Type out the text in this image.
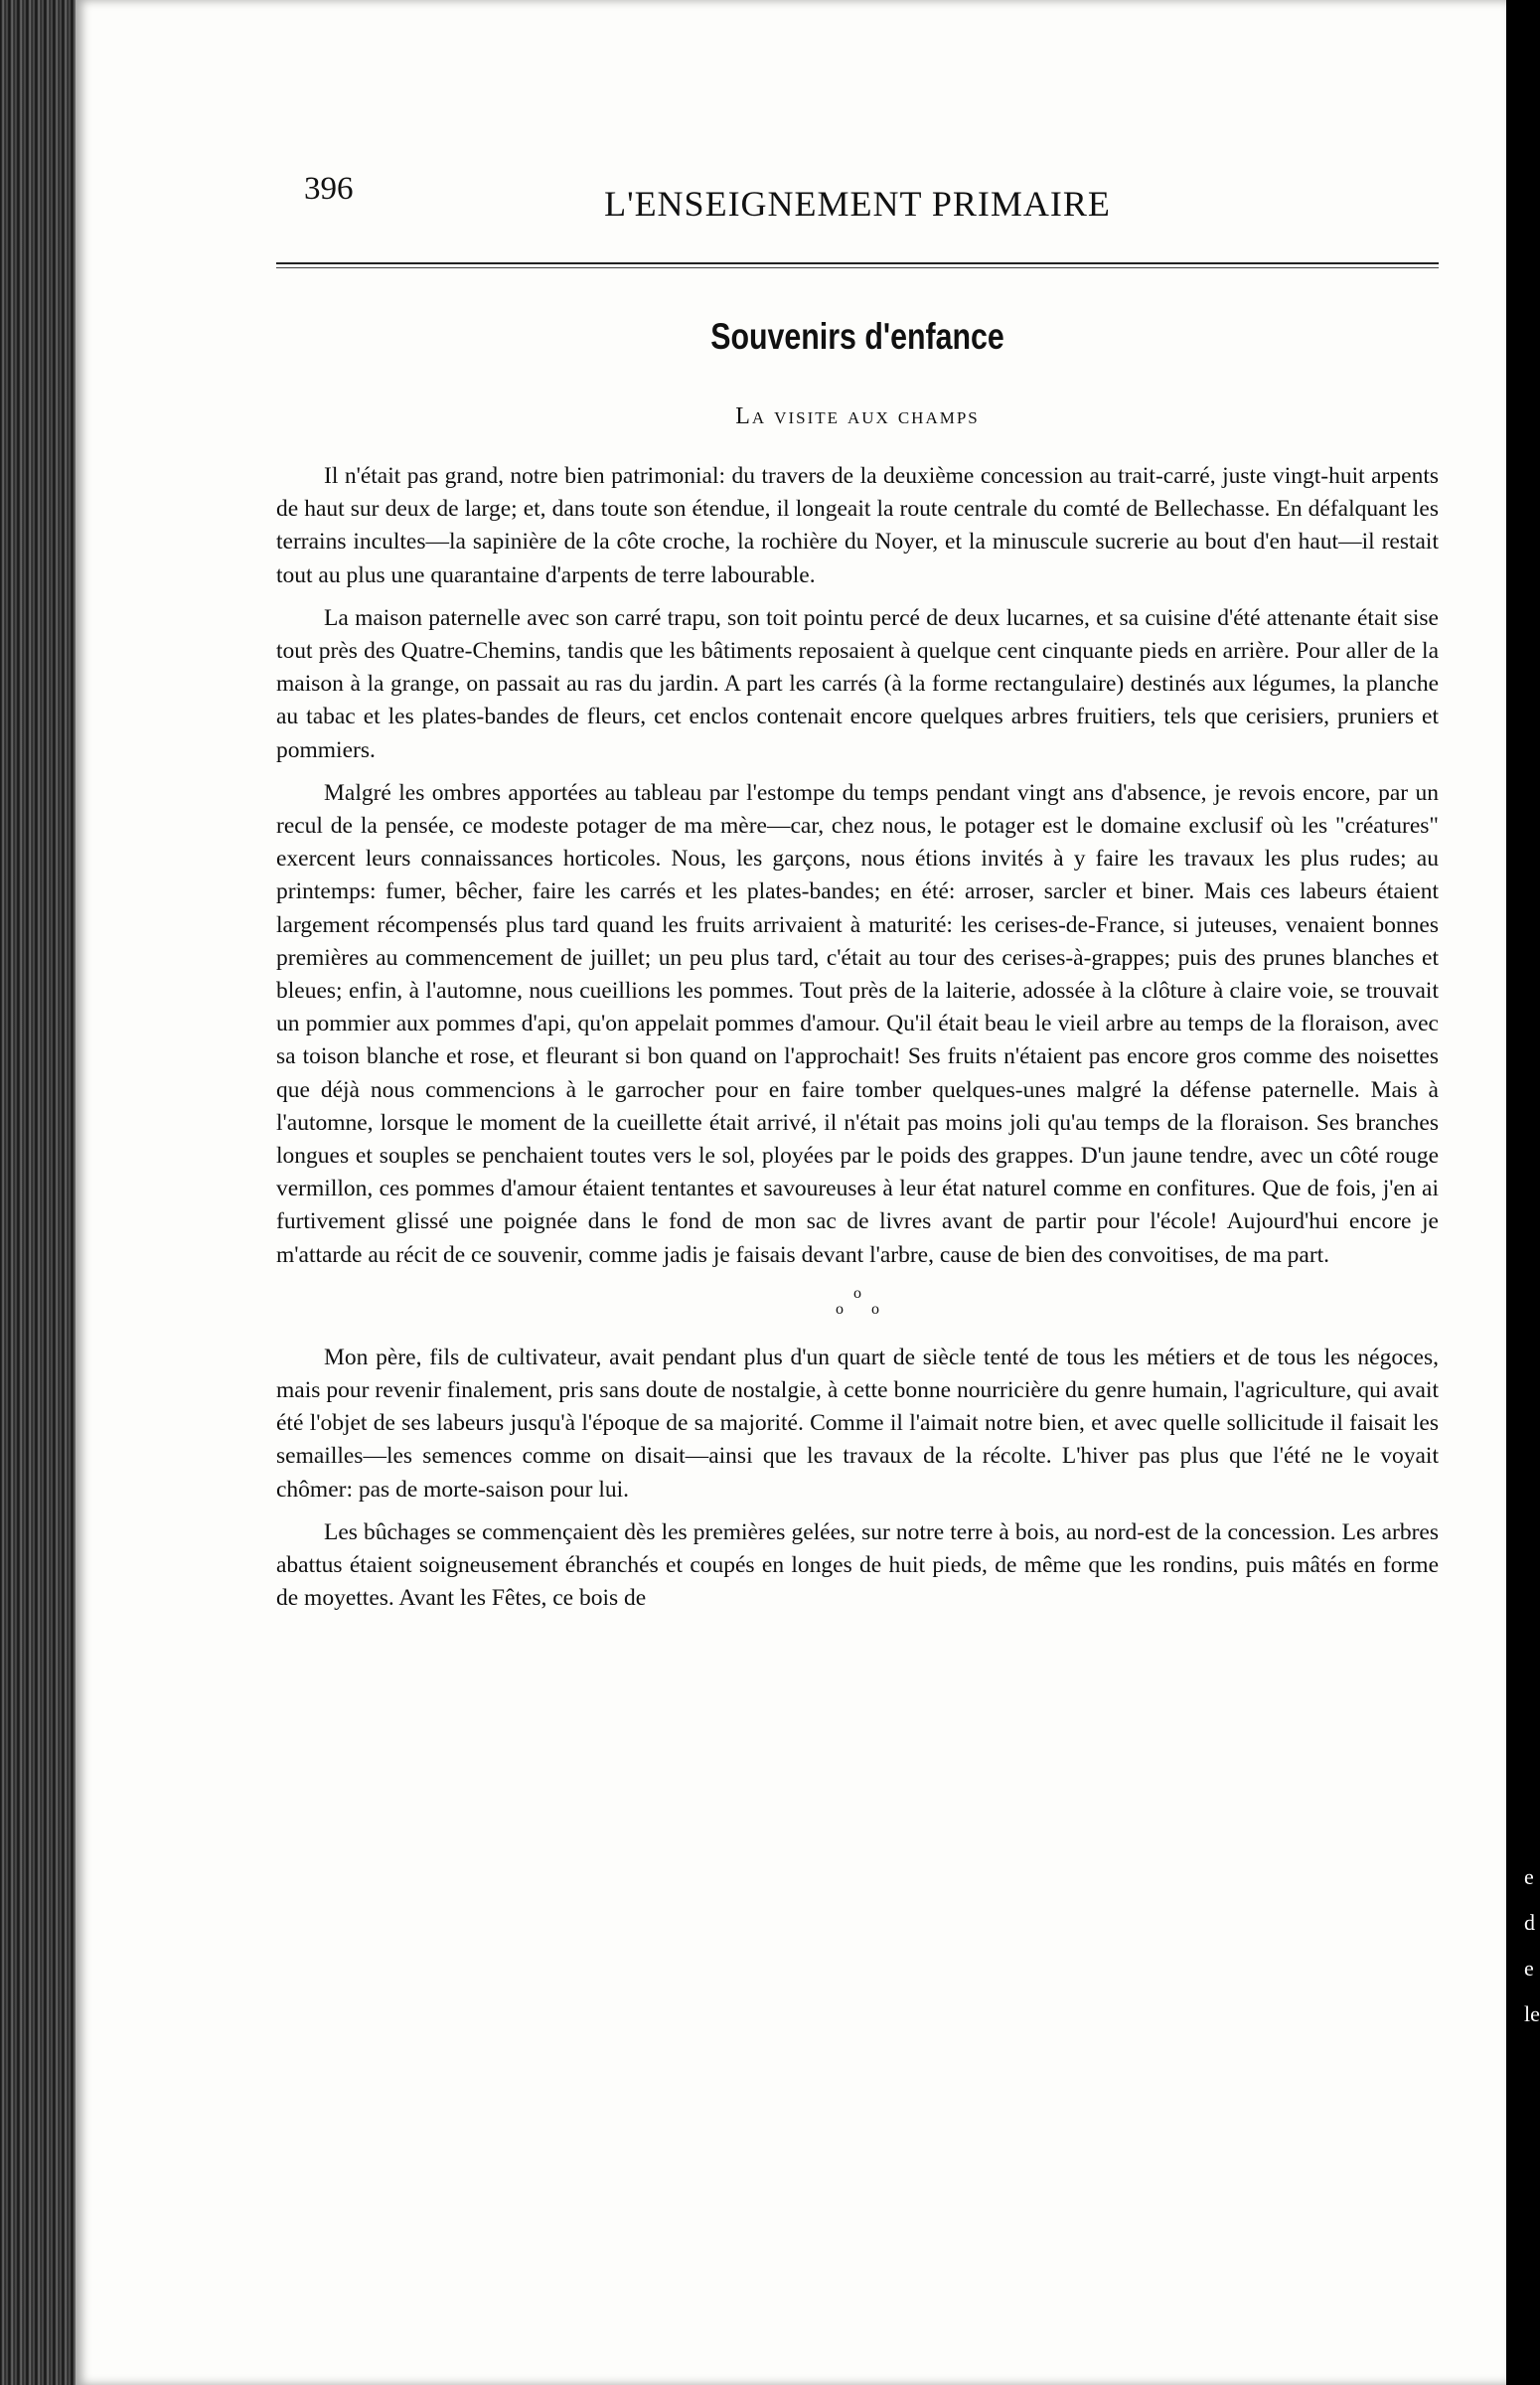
396	L'ENSEIGNEMENT PRIMAIRE
Souvenirs d'enfance
La visite aux champs

Il n'était pas grand, notre bien patrimonial: du travers de la deuxième concession au trait-carré, juste vingt-huit arpents de haut sur deux de large; et, dans toute son étendue, il longeait la route centrale du comté de Bellechasse. En défalquant les terrains incultes—la sapinière de la côte croche, la rochière du Noyer, et la minuscule sucrerie au bout d'en haut—il restait tout au plus une quarantaine d'arpents de terre labourable.

La maison paternelle avec son carré trapu, son toit pointu percé de deux lucarnes, et sa cuisine d'été attenante était sise tout près des Quatre-Chemins, tandis que les bâtiments reposaient à quelque cent cinquante pieds en arrière. Pour aller de la maison à la grange, on passait au ras du jardin. A part les carrés (à la forme rectangulaire) destinés aux légumes, la planche au tabac et les plates-bandes de fleurs, cet enclos contenait encore quelques arbres fruitiers, tels que cerisiers, pruniers et pommiers.

Malgré les ombres apportées au tableau par l'estompe du temps pendant vingt ans d'absence, je revois encore, par un recul de la pensée, ce modeste potager de ma mère—car, chez nous, le potager est le domaine exclusif où les "créatures" exercent leurs connaissances horticoles. Nous, les garçons, nous étions invités à y faire les travaux les plus rudes; au printemps: fumer, bêcher, faire les carrés et les plates-bandes; en été: arroser, sarcler et biner. Mais ces labeurs étaient largement récompensés plus tard quand les fruits arrivaient à maturité: les cerises-de-France, si juteuses, venaient bonnes premières au commencement de juillet; un peu plus tard, c'était au tour des cerises-à-grappes; puis des prunes blanches et bleues; enfin, à l'automne, nous cueillions les pommes. Tout près de la laiterie, adossée à la clôture à claire voie, se trouvait un pommier aux pommes d'api, qu'on appelait pommes d'amour. Qu'il était beau le vieil arbre au temps de la floraison, avec sa toison blanche et rose, et fleurant si bon quand on l'approchait! Ses fruits n'étaient pas encore gros comme des noisettes que déjà nous commencions à le garrocher pour en faire tomber quelques-unes malgré la défense paternelle. Mais à l'automne, lorsque le moment de la cueillette était arrivé, il n'était pas moins joli qu'au temps de la floraison. Ses branches longues et souples se penchaient toutes vers le sol, ployées par le poids des grappes. D'un jaune tendre, avec un côté rouge vermillon, ces pommes d'amour étaient tentantes et savoureuses à leur état naturel comme en confitures. Que de fois, j'en ai furtivement glissé une poignée dans le fond de mon sac de livres avant de partir pour l'école! Aujourd'hui encore je m'attarde au récit de ce souvenir, comme jadis je faisais devant l'arbre, cause de bien des convoitises, de ma part.

o
oo

Mon père, fils de cultivateur, avait pendant plus d'un quart de siècle tenté de tous les métiers et de tous les négoces, mais pour revenir finalement, pris sans doute de nostalgie, à cette bonne nourricière du genre humain, l'agriculture, qui avait été l'objet de ses labeurs jusqu'à l'époque de sa majorité. Comme il l'aimait notre bien, et avec quelle sollicitude il faisait les semailles—les semences comme on disait—ainsi que les travaux de la récolte. L'hiver pas plus que l'été ne le voyait chômer: pas de morte-saison pour lui.

Les bûchages se commençaient dès les premières gelées, sur notre terre à bois, au nord-est de la concession. Les arbres abattus étaient soigneusement ébranchés et coupés en longes de huit pieds, de même que les rondins, puis mâtés en forme de moyettes. Avant les Fêtes, ce bois de

e
d
e
le
